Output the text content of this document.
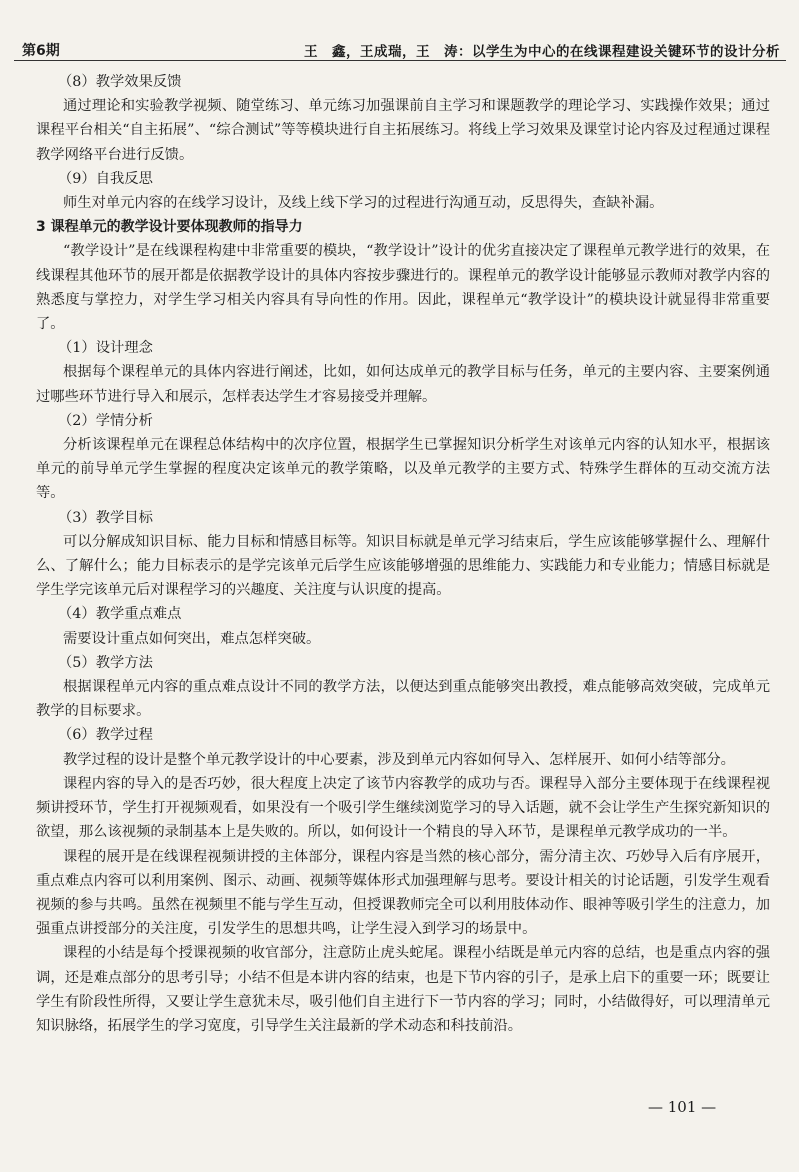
第6期	王　鑫，王成瑞，王　涛：以学生为中心的在线课程建设关键环节的设计分析

（8）教学效果反馈

通过理论和实验教学视频、随堂练习、单元练习加强课前自主学习和课题教学的理论学习、实践操作效果；通过课程平台相关“自主拓展”、“综合测试”等等模块进行自主拓展练习。将线上学习效果及课堂讨论内容及过程通过课程教学网络平台进行反馈。

（9）自我反思

师生对单元内容的在线学习设计，及线上线下学习的过程进行沟通互动，反思得失，查缺补漏。

3 课程单元的教学设计要体现教师的指导力

“教学设计”是在线课程构建中非常重要的模块，“教学设计”设计的优劣直接决定了课程单元教学进行的效果，在线课程其他环节的展开都是依据教学设计的具体内容按步骤进行的。课程单元的教学设计能够显示教师对教学内容的熟悉度与掌控力，对学生学习相关内容具有导向性的作用。因此，课程单元“教学设计”的模块设计就显得非常重要了。

（1）设计理念

根据每个课程单元的具体内容进行阐述，比如，如何达成单元的教学目标与任务，单元的主要内容、主要案例通过哪些环节进行导入和展示，怎样表达学生才容易接受并理解。

（2）学情分析

分析该课程单元在课程总体结构中的次序位置，根据学生已掌握知识分析学生对该单元内容的认知水平，根据该单元的前导单元学生掌握的程度决定该单元的教学策略，以及单元教学的主要方式、特殊学生群体的互动交流方法等。

（3）教学目标

可以分解成知识目标、能力目标和情感目标等。知识目标就是单元学习结束后，学生应该能够掌握什么、理解什么、了解什么；能力目标表示的是学完该单元后学生应该能够增强的思维能力、实践能力和专业能力；情感目标就是学生学完该单元后对课程学习的兴趣度、关注度与认识度的提高。

（4）教学重点难点

需要设计重点如何突出，难点怎样突破。

（5）教学方法

根据课程单元内容的重点难点设计不同的教学方法，以便达到重点能够突出教授，难点能够高效突破，完成单元教学的目标要求。

（6）教学过程

教学过程的设计是整个单元教学设计的中心要素，涉及到单元内容如何导入、怎样展开、如何小结等部分。

课程内容的导入的是否巧妙，很大程度上决定了该节内容教学的成功与否。课程导入部分主要体现于在线课程视频讲授环节，学生打开视频观看，如果没有一个吸引学生继续浏览学习的导入话题，就不会让学生产生探究新知识的欲望，那么该视频的录制基本上是失败的。所以，如何设计一个精良的导入环节，是课程单元教学成功的一半。

课程的展开是在线课程视频讲授的主体部分，课程内容是当然的核心部分，需分清主次、巧妙导入后有序展开，重点难点内容可以利用案例、图示、动画、视频等媒体形式加强理解与思考。要设计相关的讨论话题，引发学生观看视频的参与共鸣。虽然在视频里不能与学生互动，但授课教师完全可以利用肢体动作、眼神等吸引学生的注意力，加强重点讲授部分的关注度，引发学生的思想共鸣，让学生浸入到学习的场景中。

课程的小结是每个授课视频的收官部分，注意防止虎头蛇尾。课程小结既是单元内容的总结，也是重点内容的强调，还是难点部分的思考引导；小结不但是本讲内容的结束，也是下节内容的引子，是承上启下的重要一环；既要让学生有阶段性所得，又要让学生意犹未尽，吸引他们自主进行下一节内容的学习；同时，小结做得好，可以理清单元知识脉络，拓展学生的学习宽度，引导学生关注最新的学术动态和科技前沿。

— 101 —
